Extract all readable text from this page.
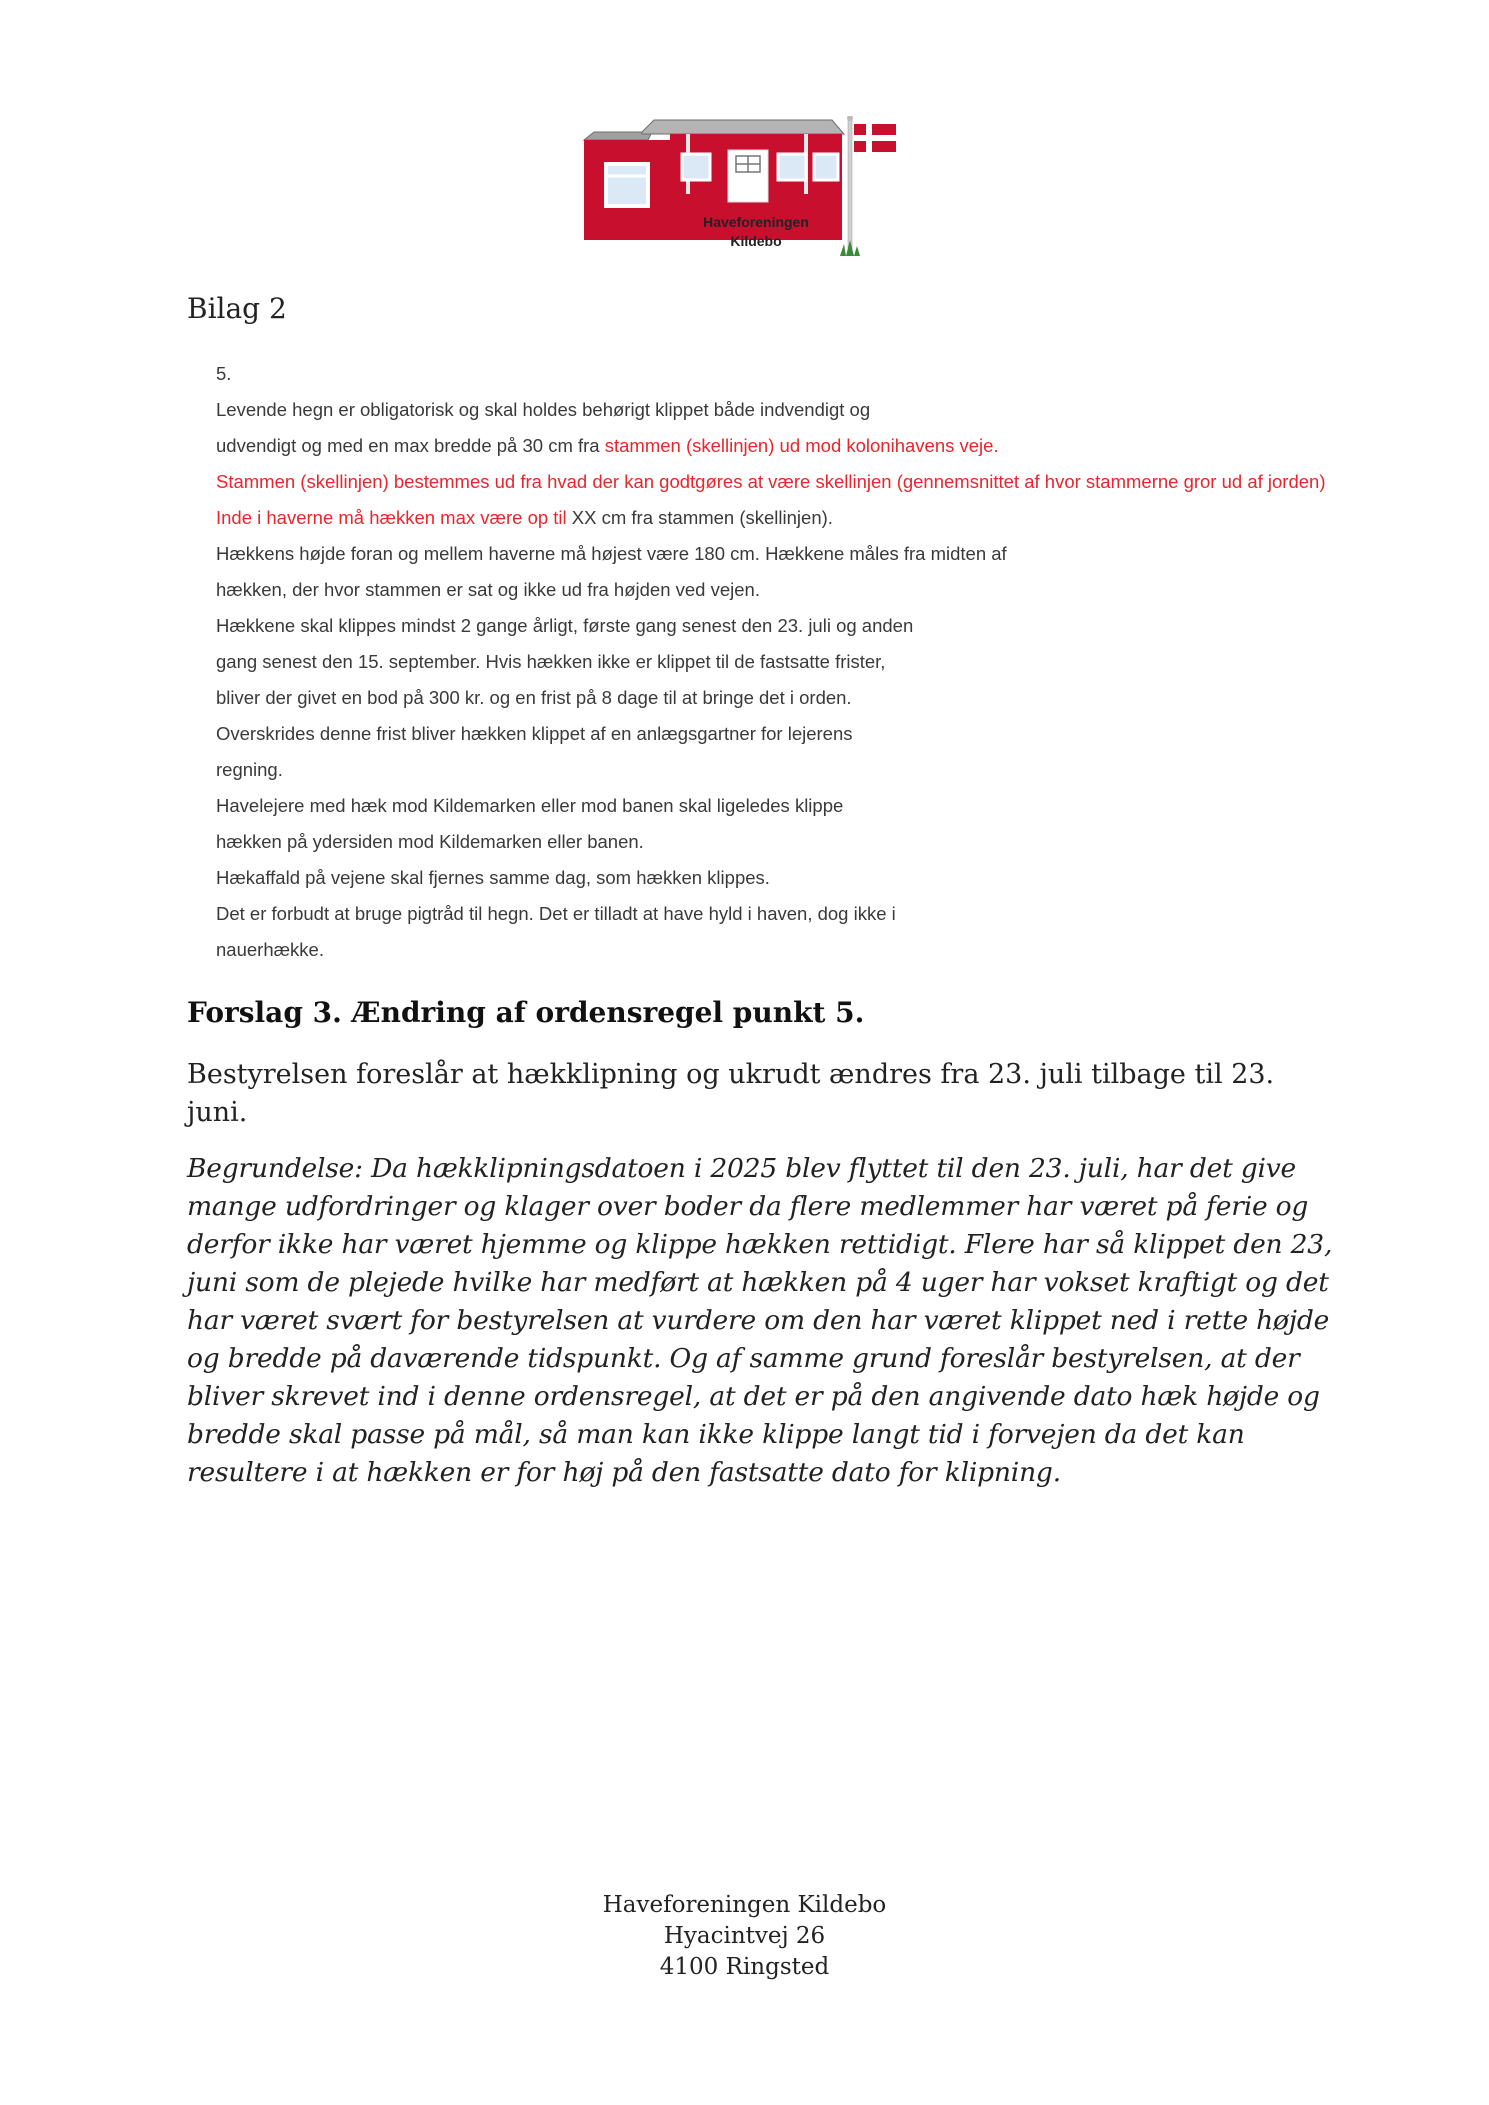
Haveforeningen
Kildebo
Bilag 2
5.
Levende hegn er obligatorisk og skal holdes behørigt klippet både indvendigt og
udvendigt og med en max bredde på 30 cm fra stammen (skellinjen) ud mod kolonihavens veje.
Stammen (skellinjen) bestemmes ud fra hvad der kan godtgøres at være skellinjen (gennemsnittet af hvor stammerne gror ud af jorden)
Inde i haverne må hækken max være op til XX cm fra stammen (skellinjen).
Hækkens højde foran og mellem haverne må højest være 180 cm. Hækkene måles fra midten af
hækken, der hvor stammen er sat og ikke ud fra højden ved vejen.
Hækkene skal klippes mindst 2 gange årligt, første gang senest den 23. juli og anden
gang senest den 15. september. Hvis hækken ikke er klippet til de fastsatte frister,
bliver der givet en bod på 300 kr. og en frist på 8 dage til at bringe det i orden.
Overskrides denne frist bliver hækken klippet af en anlægsgartner for lejerens
regning.
Havelejere med hæk mod Kildemarken eller mod banen skal ligeledes klippe
hækken på ydersiden mod Kildemarken eller banen.
Hækaffald på vejene skal fjernes samme dag, som hækken klippes.
Det er forbudt at bruge pigtråd til hegn. Det er tilladt at have hyld i haven, dog ikke i
nauerhække.
Forslag 3. Ændring af ordensregel punkt 5.
Bestyrelsen foreslår at hækklipning og ukrudt ændres fra 23. juli tilbage til 23. juni.
Begrundelse: Da hækklipningsdatoen i 2025 blev flyttet til den 23. juli, har det give mange udfordringer og klager over boder da flere medlemmer har været på ferie og derfor ikke har været hjemme og klippe hækken rettidigt. Flere har så klippet den 23, juni som de plejede hvilke har medført at hækken på 4 uger har vokset kraftigt og det har været svært for bestyrelsen at vurdere om den har været klippet ned i rette højde og bredde på daværende tidspunkt. Og af samme grund foreslår bestyrelsen, at der bliver skrevet ind i denne ordensregel, at det er på den angivende dato hæk højde og bredde skal passe på mål, så man kan ikke klippe langt tid i forvejen da det kan resultere i at hækken er for høj på den fastsatte dato for klipning.
Haveforeningen Kildebo
Hyacintvej 26
4100 Ringsted
